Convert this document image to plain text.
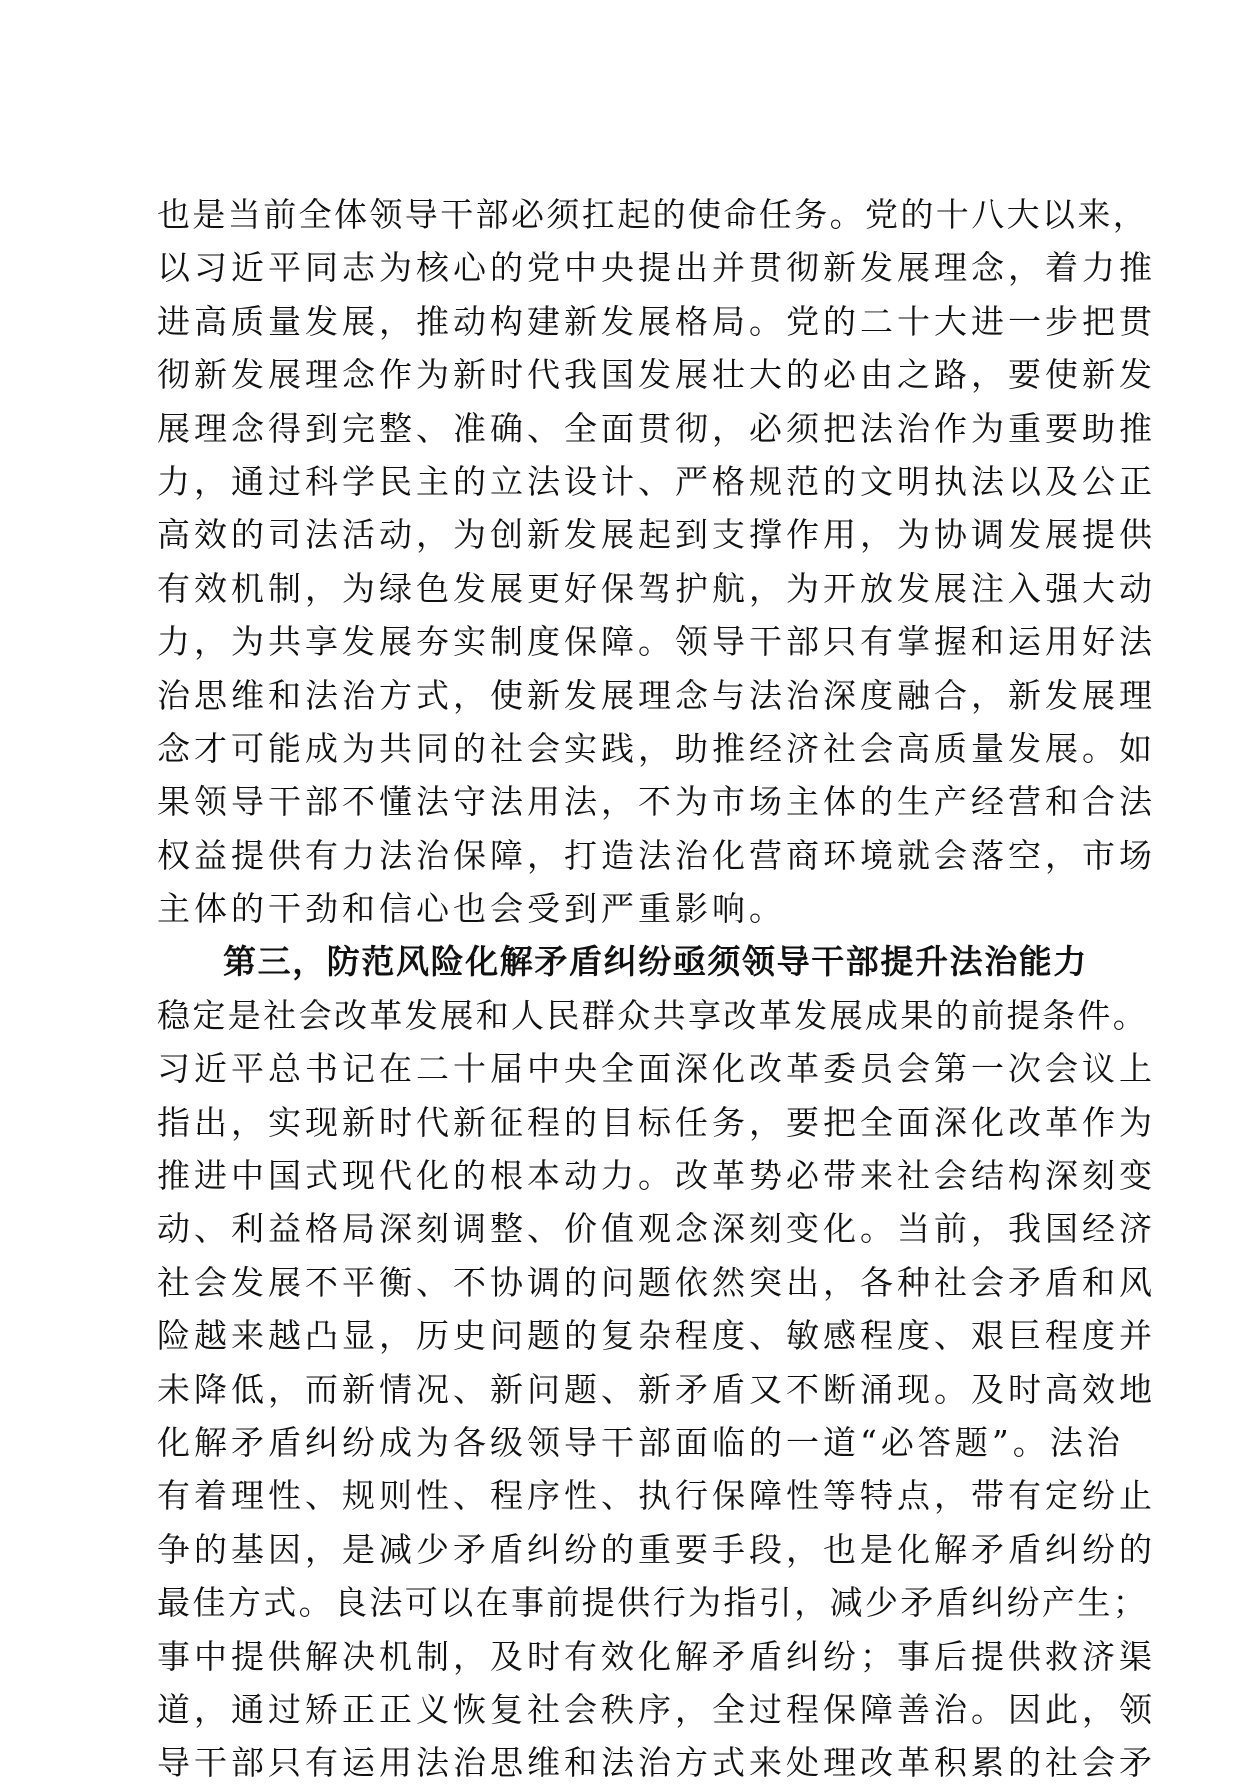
也是当前全体领导干部必须扛起的使命任务。党的十八大以来，
以习近平同志为核心的党中央提出并贯彻新发展理念，着力推
进高质量发展，推动构建新发展格局。党的二十大进一步把贯
彻新发展理念作为新时代我国发展壮大的必由之路，要使新发
展理念得到完整、准确、全面贯彻，必须把法治作为重要助推
力，通过科学民主的立法设计、严格规范的文明执法以及公正
高效的司法活动，为创新发展起到支撑作用，为协调发展提供
有效机制，为绿色发展更好保驾护航，为开放发展注入强大动
力，为共享发展夯实制度保障。领导干部只有掌握和运用好法
治思维和法治方式，使新发展理念与法治深度融合，新发展理
念才可能成为共同的社会实践，助推经济社会高质量发展。如
果领导干部不懂法守法用法，不为市场主体的生产经营和合法
权益提供有力法治保障，打造法治化营商环境就会落空，市场
主体的干劲和信心也会受到严重影响。
第三，防范风险化解矛盾纠纷亟须领导干部提升法治能力
稳定是社会改革发展和人民群众共享改革发展成果的前提条件。
习近平总书记在二十届中央全面深化改革委员会第一次会议上
指出，实现新时代新征程的目标任务，要把全面深化改革作为
推进中国式现代化的根本动力。改革势必带来社会结构深刻变
动、利益格局深刻调整、价值观念深刻变化。当前，我国经济
社会发展不平衡、不协调的问题依然突出，各种社会矛盾和风
险越来越凸显，历史问题的复杂程度、敏感程度、艰巨程度并
未降低，而新情况、新问题、新矛盾又不断涌现。及时高效地
化解矛盾纠纷成为各级领导干部面临的一道“必答题”。法治
有着理性、规则性、程序性、执行保障性等特点，带有定纷止
争的基因，是减少矛盾纠纷的重要手段，也是化解矛盾纠纷的
最佳方式。良法可以在事前提供行为指引，减少矛盾纠纷产生；
事中提供解决机制，及时有效化解矛盾纠纷；事后提供救济渠
道，通过矫正正义恢复社会秩序，全过程保障善治。因此，领
导干部只有运用法治思维和法治方式来处理改革积累的社会矛
